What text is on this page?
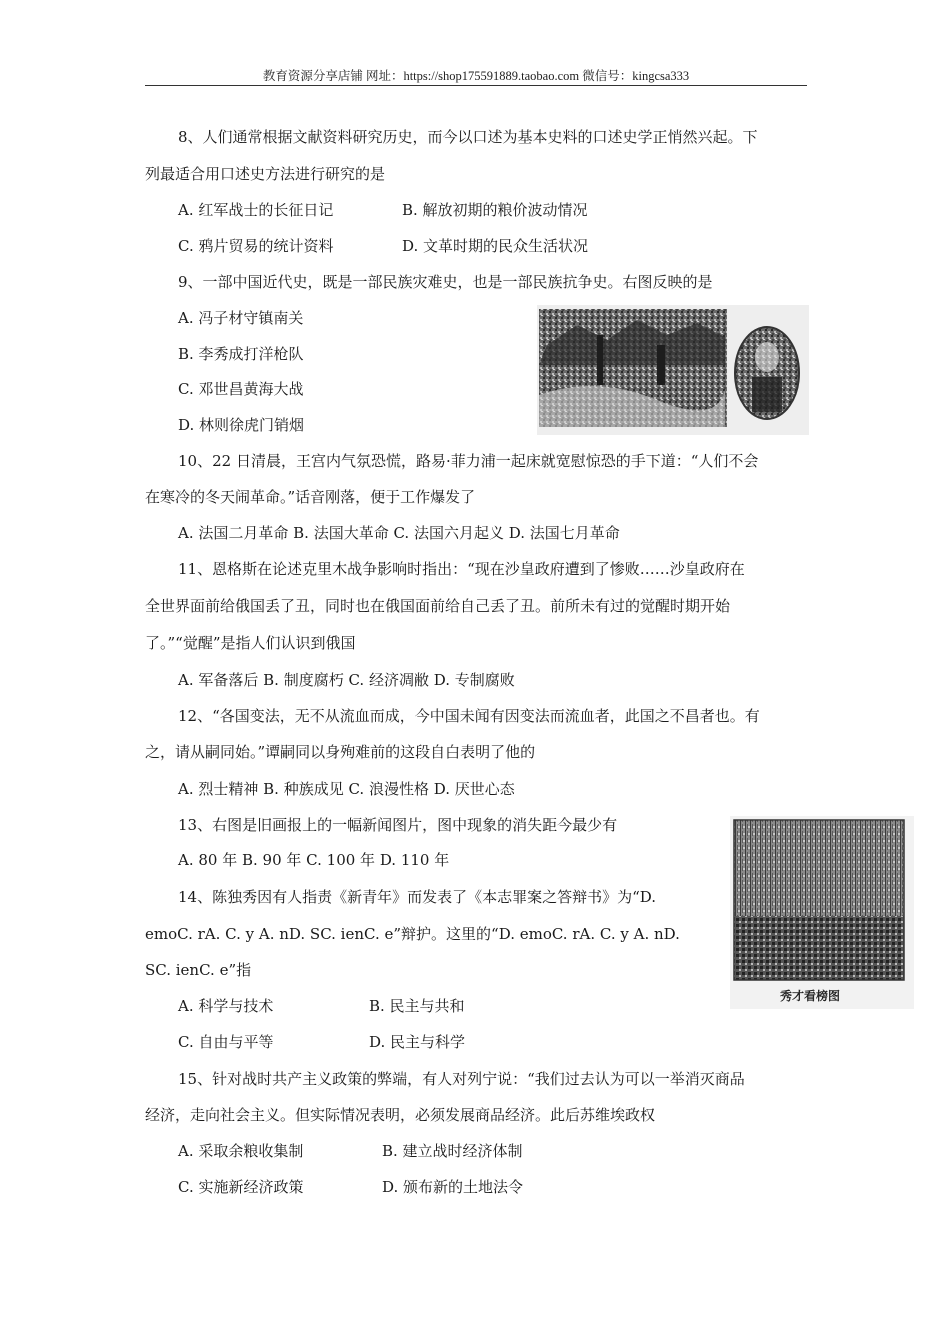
教育资源分享店铺 网址：https://shop175591889.taobao.com 微信号：kingcsa333
8、人们通常根据文献资料研究历史，而今以口述为基本史料的口述史学正悄然兴起。下
列最适合用口述史方法进行研究的是
A. 红军战士的长征日记	B. 解放初期的粮价波动情况
C. 鸦片贸易的统计资料	D. 文革时期的民众生活状况
9、一部中国近代史，既是一部民族灾难史，也是一部民族抗争史。右图反映的是
A. 冯子材守镇南关
B. 李秀成打洋枪队
C. 邓世昌黄海大战
D. 林则徐虎门销烟
10、22 日清晨，王宫内气氛恐慌，路易·菲力浦一起床就宽慰惊恐的手下道：“人们不会
在寒冷的冬天闹革命。”话音刚落，便于工作爆发了
A. 法国二月革命 B. 法国大革命 C. 法国六月起义 D. 法国七月革命
11、恩格斯在论述克里木战争影响时指出：“现在沙皇政府遭到了惨败……沙皇政府在
全世界面前给俄国丢了丑，同时也在俄国面前给自己丢了丑。前所未有过的觉醒时期开始
了。”“觉醒”是指人们认识到俄国
A. 军备落后 B. 制度腐朽 C. 经济凋敝 D. 专制腐败
12、“各国变法，无不从流血而成，今中国未闻有因变法而流血者，此国之不昌者也。有
之，请从嗣同始。”谭嗣同以身殉难前的这段自白表明了他的
A. 烈士精神 B. 种族成见 C. 浪漫性格 D. 厌世心态
13、右图是旧画报上的一幅新闻图片，图中现象的消失距今最少有
A. 80 年 B. 90 年 C. 100 年 D. 110 年
秀才看榜图
14、陈独秀因有人指责《新青年》而发表了《本志罪案之答辩书》为“D.
emoC. rA. C. y A. nD. SC. ienC. e”辩护。这里的“D. emoC. rA. C. y A. nD.
SC. ienC. e”指
A. 科学与技术	B. 民主与共和
C. 自由与平等	D. 民主与科学
15、针对战时共产主义政策的弊端，有人对列宁说：“我们过去认为可以一举消灭商品
经济，走向社会主义。但实际情况表明，必须发展商品经济。此后苏维埃政权
A. 采取余粮收集制	B. 建立战时经济体制
C. 实施新经济政策	D. 颁布新的土地法令
